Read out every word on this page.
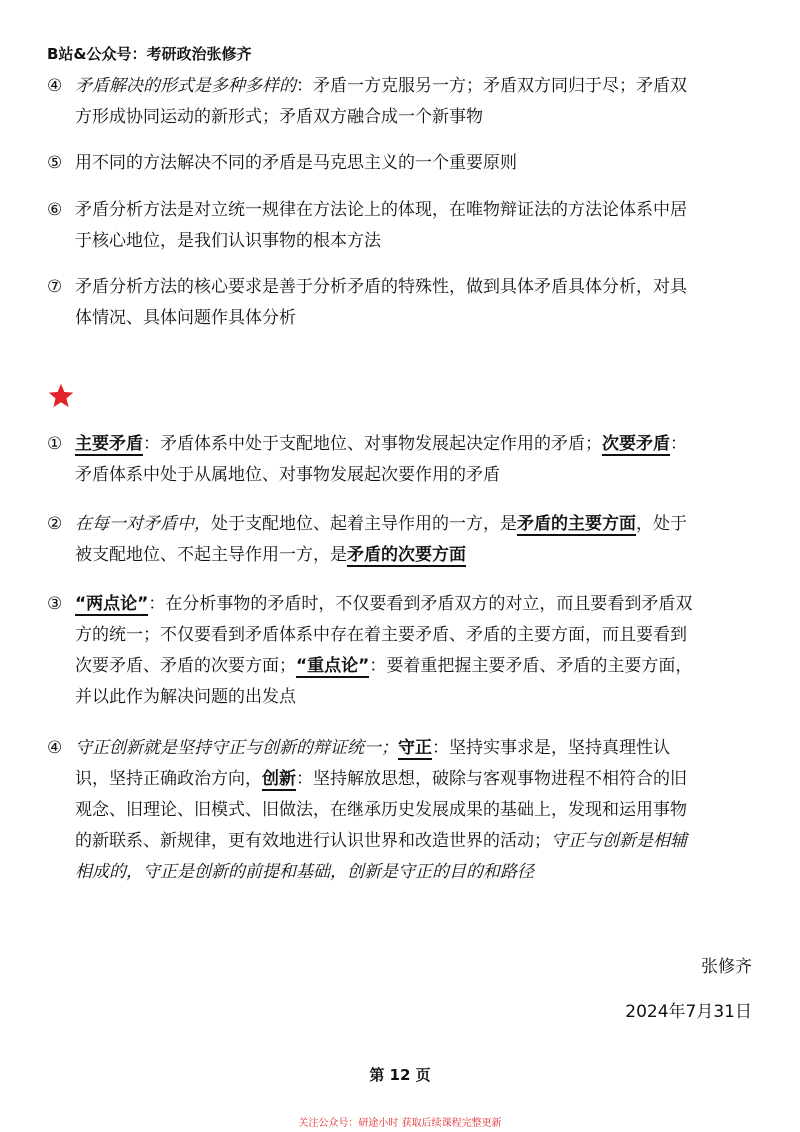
B站&公众号：考研政治张修齐
④ 矛盾解决的形式是多种多样的：矛盾一方克服另一方；矛盾双方同归于尽；矛盾双
方形成协同运动的新形式；矛盾双方融合成一个新事物
⑤ 用不同的方法解决不同的矛盾是马克思主义的一个重要原则
⑥ 矛盾分析方法是对立统一规律在方法论上的体现，在唯物辩证法的方法论体系中居
于核心地位，是我们认识事物的根本方法
⑦ 矛盾分析方法的核心要求是善于分析矛盾的特殊性，做到具体矛盾具体分析，对具
体情况、具体问题作具体分析
① 主要矛盾：矛盾体系中处于支配地位、对事物发展起决定作用的矛盾；次要矛盾：
矛盾体系中处于从属地位、对事物发展起次要作用的矛盾
② 在每一对矛盾中，处于支配地位、起着主导作用的一方，是矛盾的主要方面，处于
被支配地位、不起主导作用一方，是矛盾的次要方面
③ “两点论”：在分析事物的矛盾时，不仅要看到矛盾双方的对立，而且要看到矛盾双
方的统一；不仅要看到矛盾体系中存在着主要矛盾、矛盾的主要方面，而且要看到
次要矛盾、矛盾的次要方面；“重点论”：要着重把握主要矛盾、矛盾的主要方面，
并以此作为解决问题的出发点
④ 守正创新就是坚持守正与创新的辩证统一；守正：坚持实事求是，坚持真理性认
识，坚持正确政治方向，创新：坚持解放思想，破除与客观事物进程不相符合的旧
观念、旧理论、旧模式、旧做法，在继承历史发展成果的基础上，发现和运用事物
的新联系、新规律，更有效地进行认识世界和改造世界的活动；守正与创新是相辅
相成的，守正是创新的前提和基础，创新是守正的目的和路径
张修齐
2024年7月31日
第 12 页
关注公众号：研途小时 获取后续课程完整更新
